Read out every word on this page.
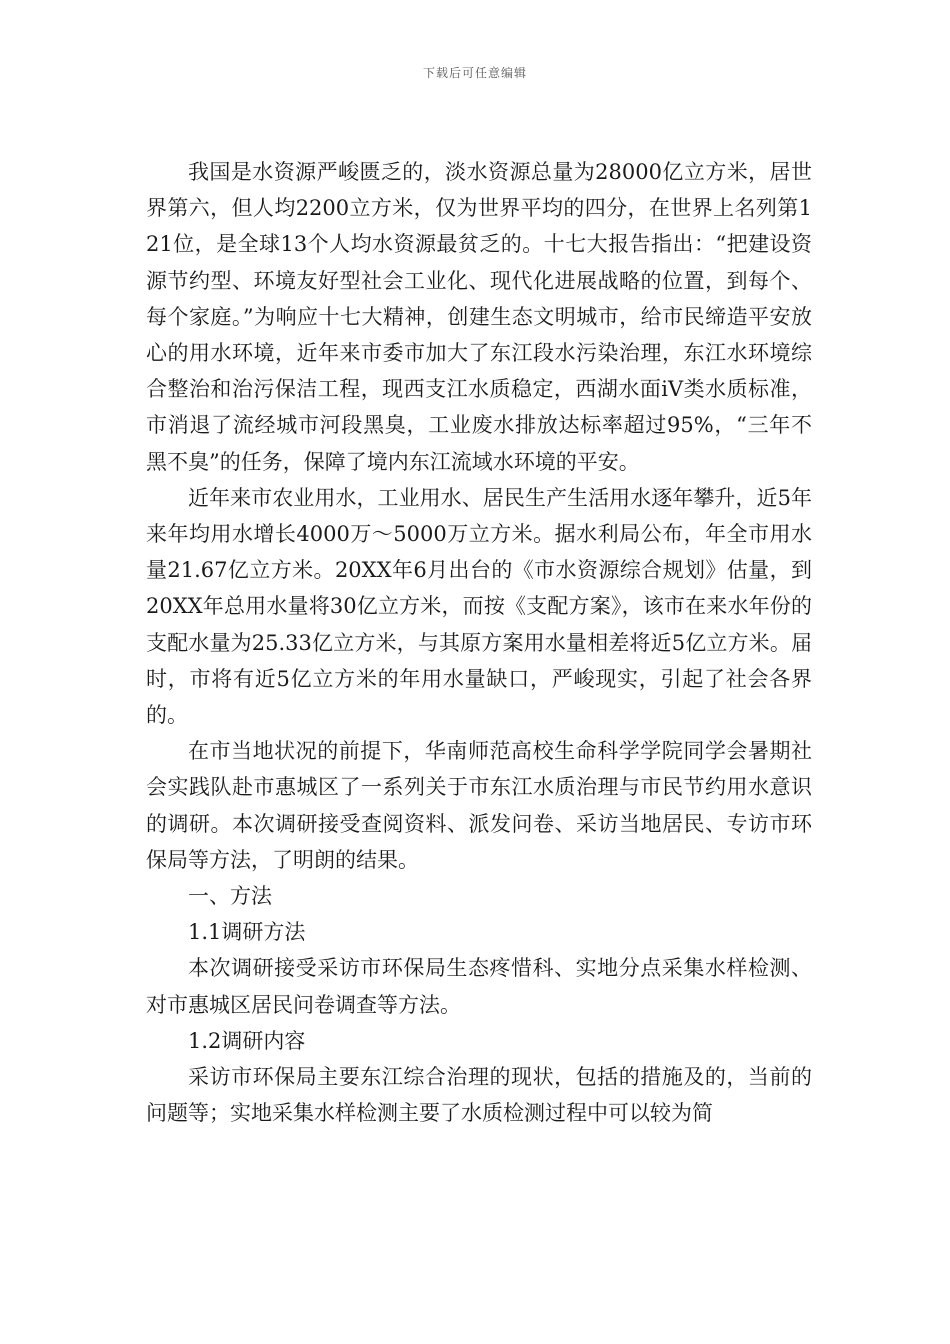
下载后可任意编辑

我国是水资源严峻匮乏的，淡水资源总量为28000亿立方米，居世界第六，但人均2200立方米，仅为世界平均的四分，在世界上名列第121位，是全球13个人均水资源最贫乏的。十七大报告指出：“把建设资源节约型、环境友好型社会工业化、现代化进展战略的位置，到每个、每个家庭。”为响应十七大精神，创建生态文明城市，给市民缔造平安放心的用水环境，近年来市委市加大了东江段水污染治理，东江水环境综合整治和治污保洁工程，现西支江水质稳定，西湖水面iV类水质标准，市消退了流经城市河段黑臭，工业废水排放达标率超过95%，“三年不黑不臭”的任务，保障了境内东江流域水环境的平安。

近年来市农业用水，工业用水、居民生产生活用水逐年攀升，近5年来年均用水增长4000万～5000万立方米。据水利局公布，年全市用水量21.67亿立方米。20XX年6月出台的《市水资源综合规划》估量，到20XX年总用水量将30亿立方米，而按《支配方案》，该市在来水年份的支配水量为25.33亿立方米，与其原方案用水量相差将近5亿立方米。届时，市将有近5亿立方米的年用水量缺口，严峻现实，引起了社会各界的。

在市当地状况的前提下，华南师范高校生命科学学院同学会暑期社会实践队赴市惠城区了一系列关于市东江水质治理与市民节约用水意识的调研。本次调研接受查阅资料、派发问卷、采访当地居民、专访市环保局等方法，了明朗的结果。

一、方法

1.1调研方法

本次调研接受采访市环保局生态疼惜科、实地分点采集水样检测、对市惠城区居民问卷调查等方法。

1.2调研内容

采访市环保局主要东江综合治理的现状，包括的措施及的，当前的问题等；实地采集水样检测主要了水质检测过程中可以较为简
